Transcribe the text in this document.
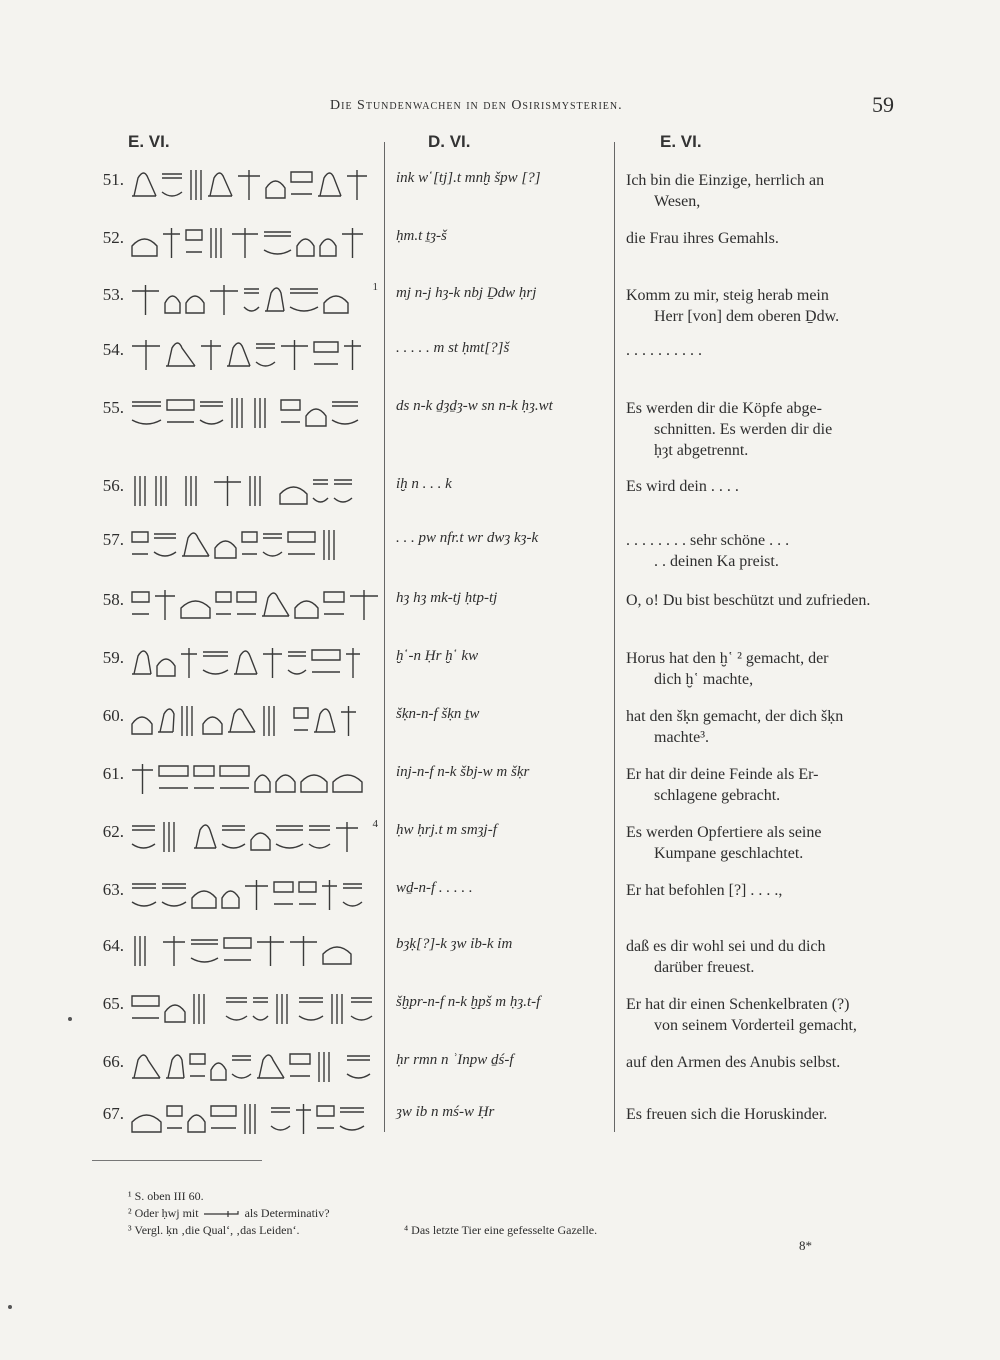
Die Stundenwachen in den Osirismysterien.	59
E. VI.	D. VI.	E. VI.
51.	ỉnk w῾[tj].t mnḫ špw [?]	Ich bin die Einzige, herrlich an
Wesen,
52.	ḥm.t ṯȝ-š	die Frau ihres Gemahls.
53.	1 mj n-j hȝ-k nbj Ḏdw ḥrj	Komm zu mir, steig herab mein
Herr [von] dem oberen Ḏdw.
54.	. . . . . m st ḥmt[?]š	. . . . . . . . . .
55.	ds n-k ḏȝḏȝ-w sn n-k ḥȝ.wt	Es werden dir die Köpfe abge-
schnitten. Es werden dir die
ḥȝt abgetrennt.
56.	ỉḫ n . . . k	Es wird dein . . . .
57.	. . . pw nfr.t wr dwȝ kȝ-k	. . . . . . . . sehr schöne . . .
. . deinen Ka preist.
58.	hȝ hȝ mk-tj ḥtp-tj	O, o! Du bist beschützt und zufrieden.
59.	ḫ῾-n Ḥr ḫ῾ kw	Horus hat den ḫ῾ ² gemacht, der
dich ḫ῾ machte,
60.	šḳn-n-f šḳn ṯw	hat den šḳn gemacht, der dich šḳn
machte³.
61.	ỉnj-n-f n-k šbj-w m šḳr	Er hat dir deine Feinde als Er-
schlagene gebracht.
62.	4 ḥw ḥrj.t m smȝj-f	Es werden Opfertiere als seine
Kumpane geschlachtet.
63.	wḏ-n-f . . . . .	Er hat befohlen [?] . . . .,
64.	bȝḳ[?]-k ȝw ỉb-k ỉm	daß es dir wohl sei und du dich
darüber freuest.
65.	šḫpr-n-f n-k ḫpš m ḥȝ.t-f	Er hat dir einen Schenkelbraten (?)
von seinem Vorderteil gemacht,
66.	ḥr rmn n ʾInpw ḏś-f	auf den Armen des Anubis selbst.
67.	ȝw ỉb n mś-w Ḥr	Es freuen sich die Horuskinder.
¹ S. oben III 60.
² Oder ḥwj mit	als Determinativ?
³ Vergl. ḳn ‚die Qual‘, ‚das Leiden‘.	⁴ Das letzte Tier eine gefesselte Gazelle.
8*
